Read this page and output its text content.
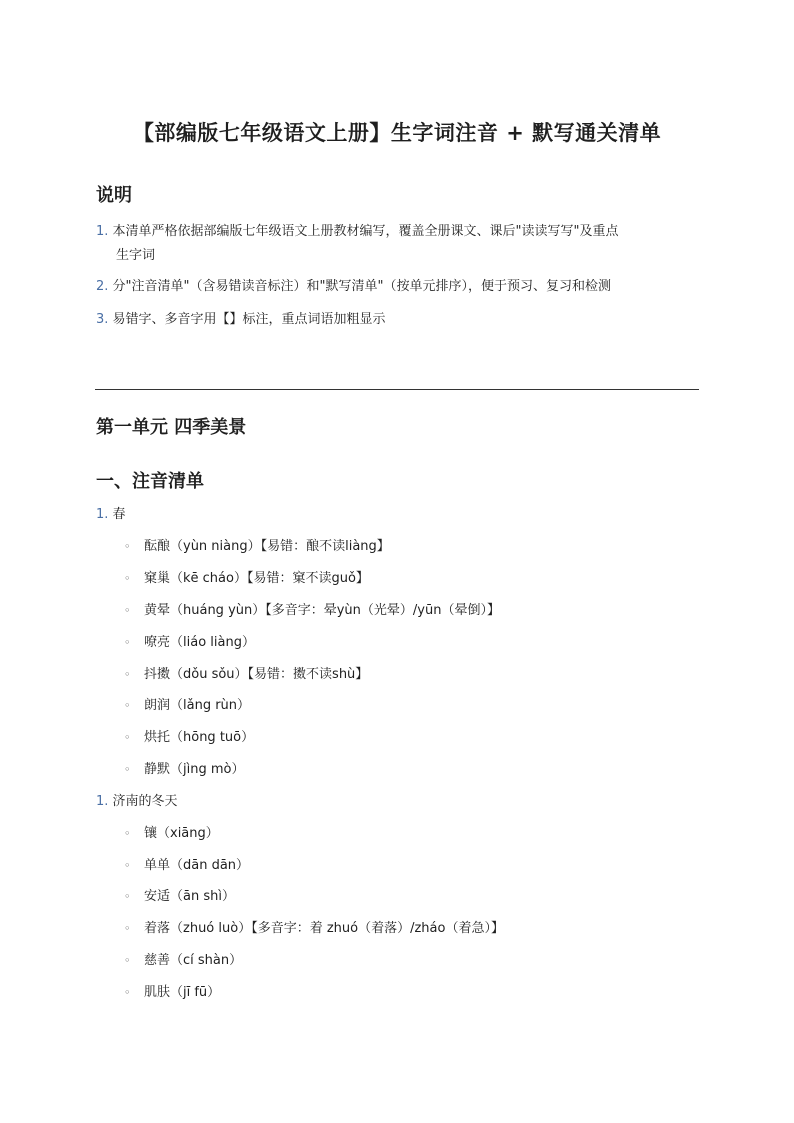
【部编版七年级语文上册】生字词注音 + 默写通关清单
说明
1. 本清单严格依据部编版七年级语文上册教材编写，覆盖全册课文、课后"读读写写"及重点
生字词
2. 分"注音清单"（含易错读音标注）和"默写清单"（按单元排序），便于预习、复习和检测
3. 易错字、多音字用【】标注，重点词语加粗显示
第一单元 四季美景
一、注音清单
1. 春
◦ 酝酿（yùn niàng）【易错：酿不读liàng】
◦ 窠巢（kē cháo）【易错：窠不读guǒ】
◦ 黄晕（huáng yùn）【多音字：晕yùn（光晕）/yūn（晕倒）】
◦ 嘹亮（liáo liàng）
◦ 抖擞（dǒu sǒu）【易错：擞不读shù】
◦ 朗润（lǎng rùn）
◦ 烘托（hōng tuō）
◦ 静默（jìng mò）
1. 济南的冬天
◦ 镶（xiāng）
◦ 单单（dān dān）
◦ 安适（ān shì）
◦ 着落（zhuó luò）【多音字：着 zhuó（着落）/zháo（着急）】
◦ 慈善（cí shàn）
◦ 肌肤（jī fū）
